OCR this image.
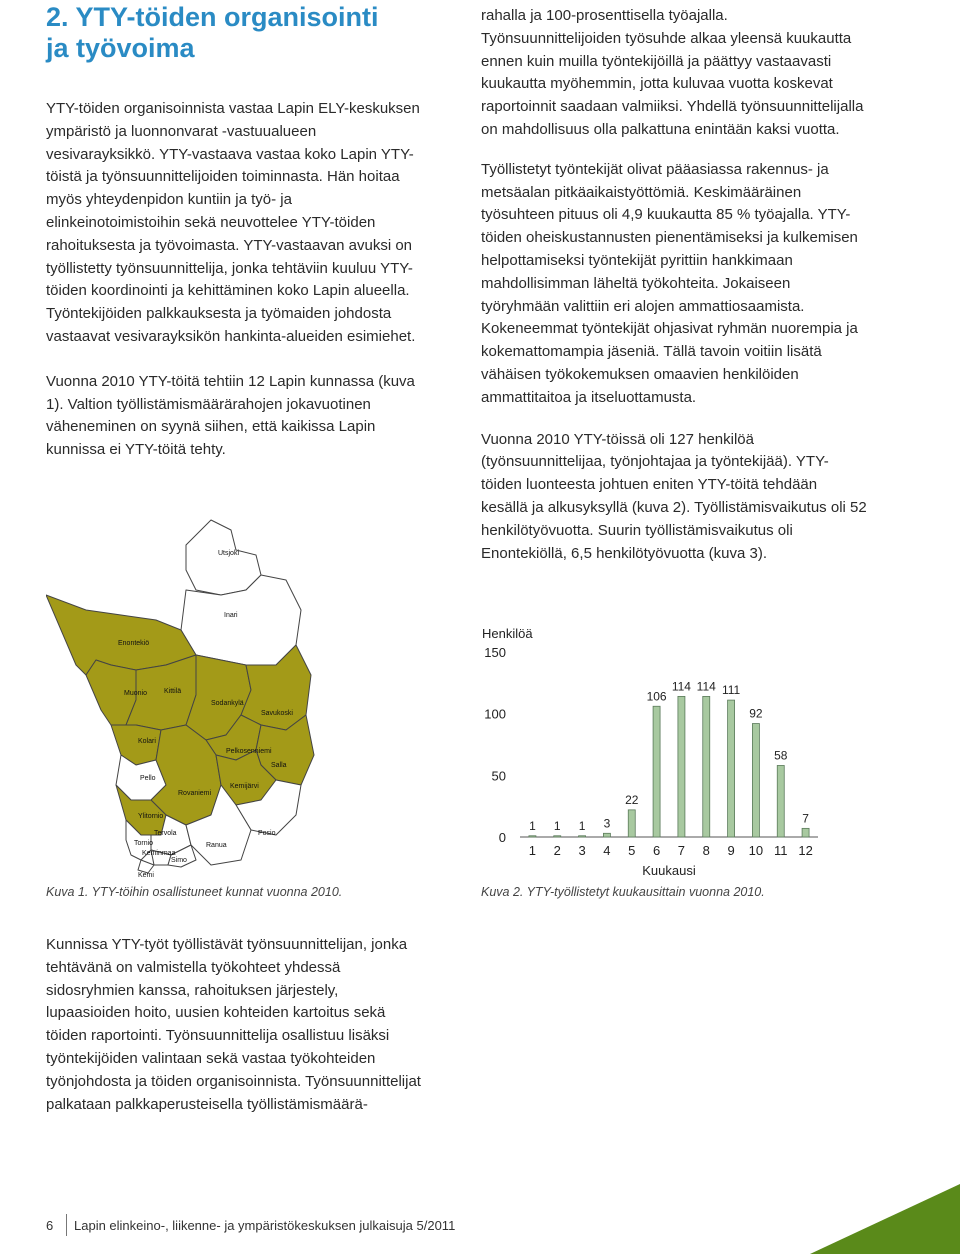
2. YTY-töiden organisointi
ja työvoima

YTY-töiden organisoinnista vastaa Lapin ELY-keskuksen ympäristö ja luonnonvarat -vastuualueen vesivarayksikkö. YTY-vastaava vastaa koko Lapin YTY-töistä ja työnsuunnittelijoiden toiminnasta. Hän hoitaa myös yhteydenpidon kuntiin ja työ- ja elinkeinotoimistoihin sekä neuvottelee YTY-töiden rahoituksesta ja työvoimasta. YTY-vastaavan avuksi on työllistetty työnsuunnittelija, jonka tehtäviin kuuluu YTY-töiden koordinointi ja kehittäminen koko Lapin alueella. Työntekijöiden palkkauksesta ja työmaiden johdosta vastaavat vesivarayksikön hankinta-alueiden esimiehet.

Vuonna 2010 YTY-töitä tehtiin 12 Lapin kunnassa (kuva 1). Valtion työllistämismäärärahojen jokavuotinen väheneminen on syynä siihen, että kaikissa Lapin kunnissa ei YTY-töitä tehty.

rahalla ja 100-prosenttisella työajalla. Työnsuunnittelijoiden työsuhde alkaa yleensä kuukautta ennen kuin muilla työntekijöillä ja päättyy vastaavasti kuukautta myöhemmin, jotta kuluvaa vuotta koskevat raportoinnit saadaan valmiiksi. Yhdellä työnsuunnittelijalla on mahdollisuus olla palkattuna enintään kaksi vuotta.

Työllistetyt työntekijät olivat pääasiassa rakennus- ja metsäalan pitkäaikaistyöttömiä. Keskimääräinen työsuhteen pituus oli 4,9 kuukautta 85 % työajalla. YTY-töiden oheiskustannusten pienentämiseksi ja kulkemisen helpottamiseksi työntekijät pyrittiin hankkimaan mahdollisimman läheltä työkohteita. Jokaiseen työryhmään valittiin eri alojen ammattiosaamista. Kokeneemmat työntekijät ohjasivat ryhmän nuorempia ja kokemattomampia jäseniä. Tällä tavoin voitiin lisätä vähäisen työkokemuksen omaavien henkilöiden ammattitaitoa ja itseluottamusta.

Vuonna 2010 YTY-töissä oli 127 henkilöä (työnsuunnittelijaa, työnjohtajaa ja työntekijää). YTY-töiden luonteesta johtuen eniten YTY-töitä tehdään kesällä ja alkusyksyllä (kuva 2). Työllistämisvaikutus oli 52 henkilötyövuotta. Suurin työllistämisvaikutus oli Enontekiöllä, 6,5 henkilötyövuotta (kuva 3).

Utsjoki
Inari
Enontekiö
Muonio Kittilä
Sodankylä
Savukoski
Kolari
Pelkosenniemi
Salla
Pello
Rovaniemi
Kemijärvi
Ylitornio
Tervola	Posio
Tornio
Keminmaa
Simo
Ranua
Kemi
Henkilöä
0
50
100
150
1
1
1
2
1
3
3
4
22
5
106
6
114
7
114
8
111
9
92
10
58
11
7
12
Kuukausi
Kuva 1. YTY-töihin osallistuneet kunnat vuonna 2010.	Kuva 2. YTY-työllistetyt kuukausittain vuonna 2010.

Kunnissa YTY-työt työllistävät työnsuunnittelijan, jonka tehtävänä on valmistella työkohteet yhdessä sidosryhmien kanssa, rahoituksen järjestely, lupaasioiden hoito, uusien kohteiden kartoitus sekä töiden raportointi. Työnsuunnittelija osallistuu lisäksi työntekijöiden valintaan sekä vastaa työkohteiden työnjohdosta ja töiden organisoinnista. Työnsuunnittelijat palkataan palkkaperusteisella työllistämismäärä-

6 Lapin elinkeino-, liikenne- ja ympäristökeskuksen julkaisuja 5/2011
